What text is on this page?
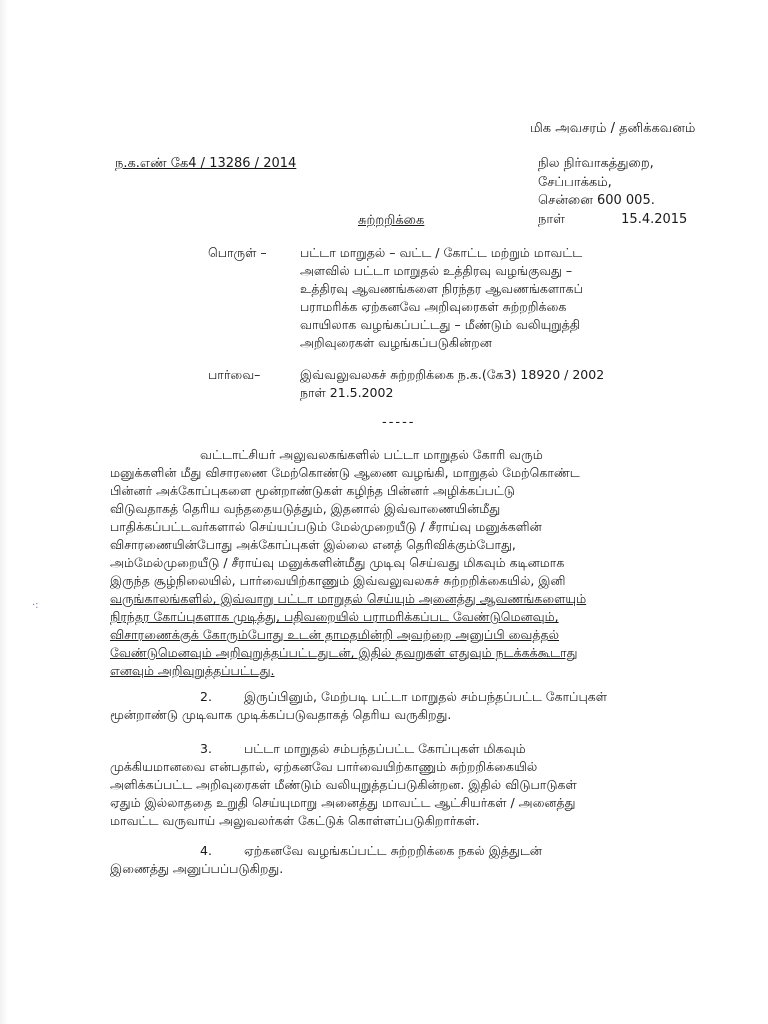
மிக அவசரம் / தனிக்கவனம்

ந.க.எண் கே4 / 13286 / 2014	நில நிர்வாகத்துறை,
சேப்பாக்கம்,
சென்னை 600 005.
நாள்	15.4.2015

சுற்றறிக்கை

பொருள் –	பட்டா மாறுதல் – வட்ட / கோட்ட மற்றும் மாவட்ட
அளவில் பட்டா மாறுதல் உத்திரவு வழங்குவது –
உத்திரவு ஆவணங்களை நிரந்தர ஆவணங்களாகப்
பராமரிக்க ஏற்கனவே அறிவுரைகள் சுற்றறிக்கை
வாயிலாக வழங்கப்பட்டது – மீண்டும் வலியுறுத்தி
அறிவுரைகள் வழங்கப்படுகின்றன
பார்வை–	இவ்வலுவலகச் சுற்றறிக்கை ந.க.(கே3) 18920 / 2002
நாள் 21.5.2002

-----

வட்டாட்சியர் அலுவலகங்களில் பட்டா மாறுதல் கோரி வரும்

மனுக்களின் மீது விசாரணை மேற்கொண்டு ஆணை வழங்கி, மாறுதல் மேற்கொண்ட

பின்னர் அக்கோப்புகளை மூன்றாண்டுகள் கழிந்த பின்னர் அழிக்கப்பட்டு

விடுவதாகத் தெரிய வந்ததையடுத்தும், இதனால் இவ்வாணையின்மீது

பாதிக்கப்பட்டவர்களால் செய்யப்படும் மேல்முறையீடு / சீராய்வு மனுக்களின்

விசாரணையின்போது அக்கோப்புகள் இல்லை எனத் தெரிவிக்கும்போது,

அம்மேல்முறையீடு / சீராய்வு மனுக்களின்மீது முடிவு செய்வது மிகவும் கடினமாக

இருந்த சூழ்நிலையில், பார்வையிற்காணும் இவ்வலுவலகச் சுற்றறிக்கையில், இனி

வருங்காலங்களில், இவ்வாறு பட்டா மாறுதல் செய்யும் அனைத்து ஆவணங்களையும்

நிரந்தர கோப்புகளாக முடித்து, பதிவறையில் பராமரிக்கப்பட வேண்டுமெனவும்,

விசாரணைக்குக் கோரும்போது உடன் தாமதமின்றி அவற்றை அனுப்பி வைத்தல்

வேண்டுமெனவும் அறிவுறுத்தப்பட்டதுடன், இதில் தவறுகள் எதுவும் நடக்கக்கூடாது

எனவும் அறிவுறுத்தப்பட்டது.

·:

2.	இருப்பினும், மேற்படி பட்டா மாறுதல் சம்பந்தப்பட்ட கோப்புகள்

மூன்றாண்டு முடிவாக முடிக்கப்படுவதாகத் தெரிய வருகிறது.

3.	பட்டா மாறுதல் சம்பந்தப்பட்ட கோப்புகள் மிகவும்

முக்கியமானவை என்பதால், ஏற்கனவே பார்வையிற்காணும் சுற்றறிக்கையில்

அளிக்கப்பட்ட அறிவுரைகள் மீண்டும் வலியுறுத்தப்படுகின்றன. இதில் விடுபாடுகள்

ஏதும் இல்லாததை உறுதி செய்யுமாறு அனைத்து மாவட்ட ஆட்சியர்கள் / அனைத்து

மாவட்ட வருவாய் அலுவலர்கள் கேட்டுக் கொள்ளப்படுகிறார்கள்.

4.	ஏற்கனவே வழங்கப்பட்ட சுற்றறிக்கை நகல் இத்துடன்

இணைத்து அனுப்பப்படுகிறது.
